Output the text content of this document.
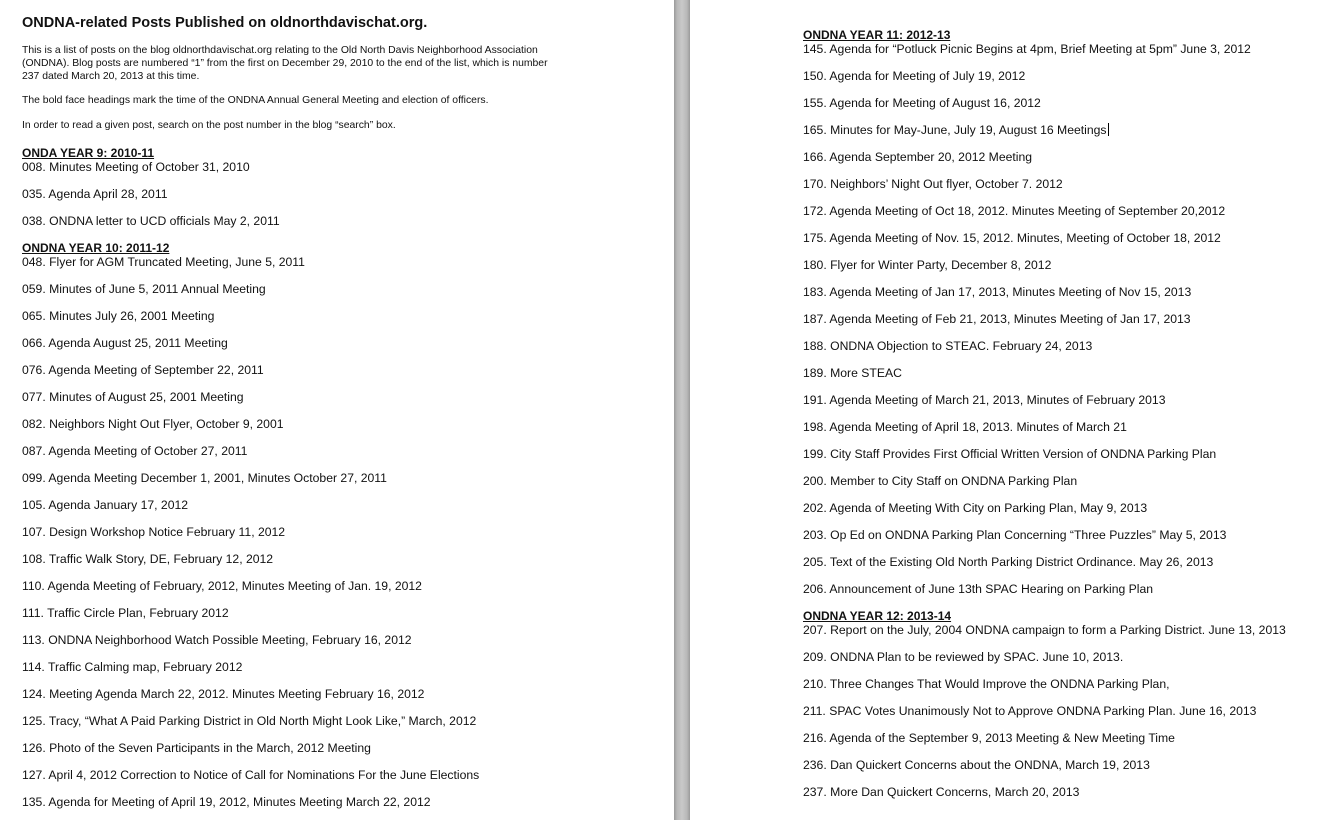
ONDNA-related Posts Published on oldnorthdavischat.org.

This is a list of posts on the blog oldnorthdavischat.org relating to the Old North Davis Neighborhood Association (ONDNA). Blog posts are numbered “1” from the first on December 29, 2010 to the end of the list, which is number 237 dated March 20, 2013 at this time.

The bold face headings mark the time of the ONDNA Annual General Meeting and election of officers.

In order to read a given post, search on the post number in the blog “search” box.

ONDA YEAR 9: 2010-11
008. Minutes Meeting of October 31, 2010
035. Agenda April 28, 2011
038. ONDNA letter to UCD officials May 2, 2011
ONDNA YEAR 10: 2011-12
048. Flyer for AGM Truncated Meeting, June 5, 2011
059. Minutes of June 5, 2011 Annual Meeting
065. Minutes July 26, 2001 Meeting
066. Agenda August 25, 2011 Meeting
076. Agenda Meeting of September 22, 2011
077. Minutes of August 25, 2001 Meeting
082. Neighbors Night Out Flyer, October 9, 2001
087. Agenda Meeting of October 27, 2011
099. Agenda Meeting December 1, 2001, Minutes October 27, 2011
105. Agenda January 17, 2012
107. Design Workshop Notice February 11, 2012
108. Traffic Walk Story, DE, February 12, 2012
110. Agenda Meeting of February, 2012, Minutes Meeting of Jan. 19, 2012
111. Traffic Circle Plan, February 2012
113. ONDNA Neighborhood Watch Possible Meeting, February 16, 2012
114. Traffic Calming map, February 2012
124. Meeting Agenda March 22, 2012. Minutes Meeting February 16, 2012
125. Tracy, “What A Paid Parking District in Old North Might Look Like,” March, 2012
126. Photo of the Seven Participants in the March, 2012 Meeting
127. April 4, 2012 Correction to Notice of Call for Nominations For the June Elections
135. Agenda for Meeting of April 19, 2012, Minutes Meeting March 22, 2012
ONDNA YEAR 11: 2012-13
145. Agenda for “Potluck Picnic Begins at 4pm, Brief Meeting at 5pm” June 3, 2012
150. Agenda for Meeting of July 19, 2012
155. Agenda for Meeting of August 16, 2012
165. Minutes for May-June, July 19, August 16 Meetings
166. Agenda September 20, 2012 Meeting
170. Neighbors’ Night Out flyer, October 7. 2012
172. Agenda Meeting of Oct 18, 2012. Minutes Meeting of September 20,2012
175. Agenda Meeting of Nov. 15, 2012. Minutes, Meeting of October 18, 2012
180. Flyer for Winter Party, December 8, 2012
183. Agenda Meeting of Jan 17, 2013, Minutes Meeting of Nov 15, 2013
187. Agenda Meeting of Feb 21, 2013, Minutes Meeting of Jan 17, 2013
188. ONDNA Objection to STEAC. February 24, 2013
189. More STEAC
191. Agenda Meeting of March 21, 2013, Minutes of February 2013
198. Agenda Meeting of April 18, 2013. Minutes of March 21
199. City Staff Provides First Official Written Version of ONDNA Parking Plan
200. Member to City Staff on ONDNA Parking Plan
202. Agenda of Meeting With City on Parking Plan, May 9, 2013
203. Op Ed on ONDNA Parking Plan Concerning “Three Puzzles” May 5, 2013
205. Text of the Existing Old North Parking District Ordinance. May 26, 2013
206. Announcement of June 13th SPAC Hearing on Parking Plan
ONDNA YEAR 12: 2013-14
207. Report on the July, 2004 ONDNA campaign to form a Parking District. June 13, 2013
209. ONDNA Plan to be reviewed by SPAC. June 10, 2013.
210. Three Changes That Would Improve the ONDNA Parking Plan,
211. SPAC Votes Unanimously Not to Approve ONDNA Parking Plan. June 16, 2013
216. Agenda of the September 9, 2013 Meeting & New Meeting Time
236. Dan Quickert Concerns about the ONDNA, March 19, 2013
237. More Dan Quickert Concerns, March 20, 2013
